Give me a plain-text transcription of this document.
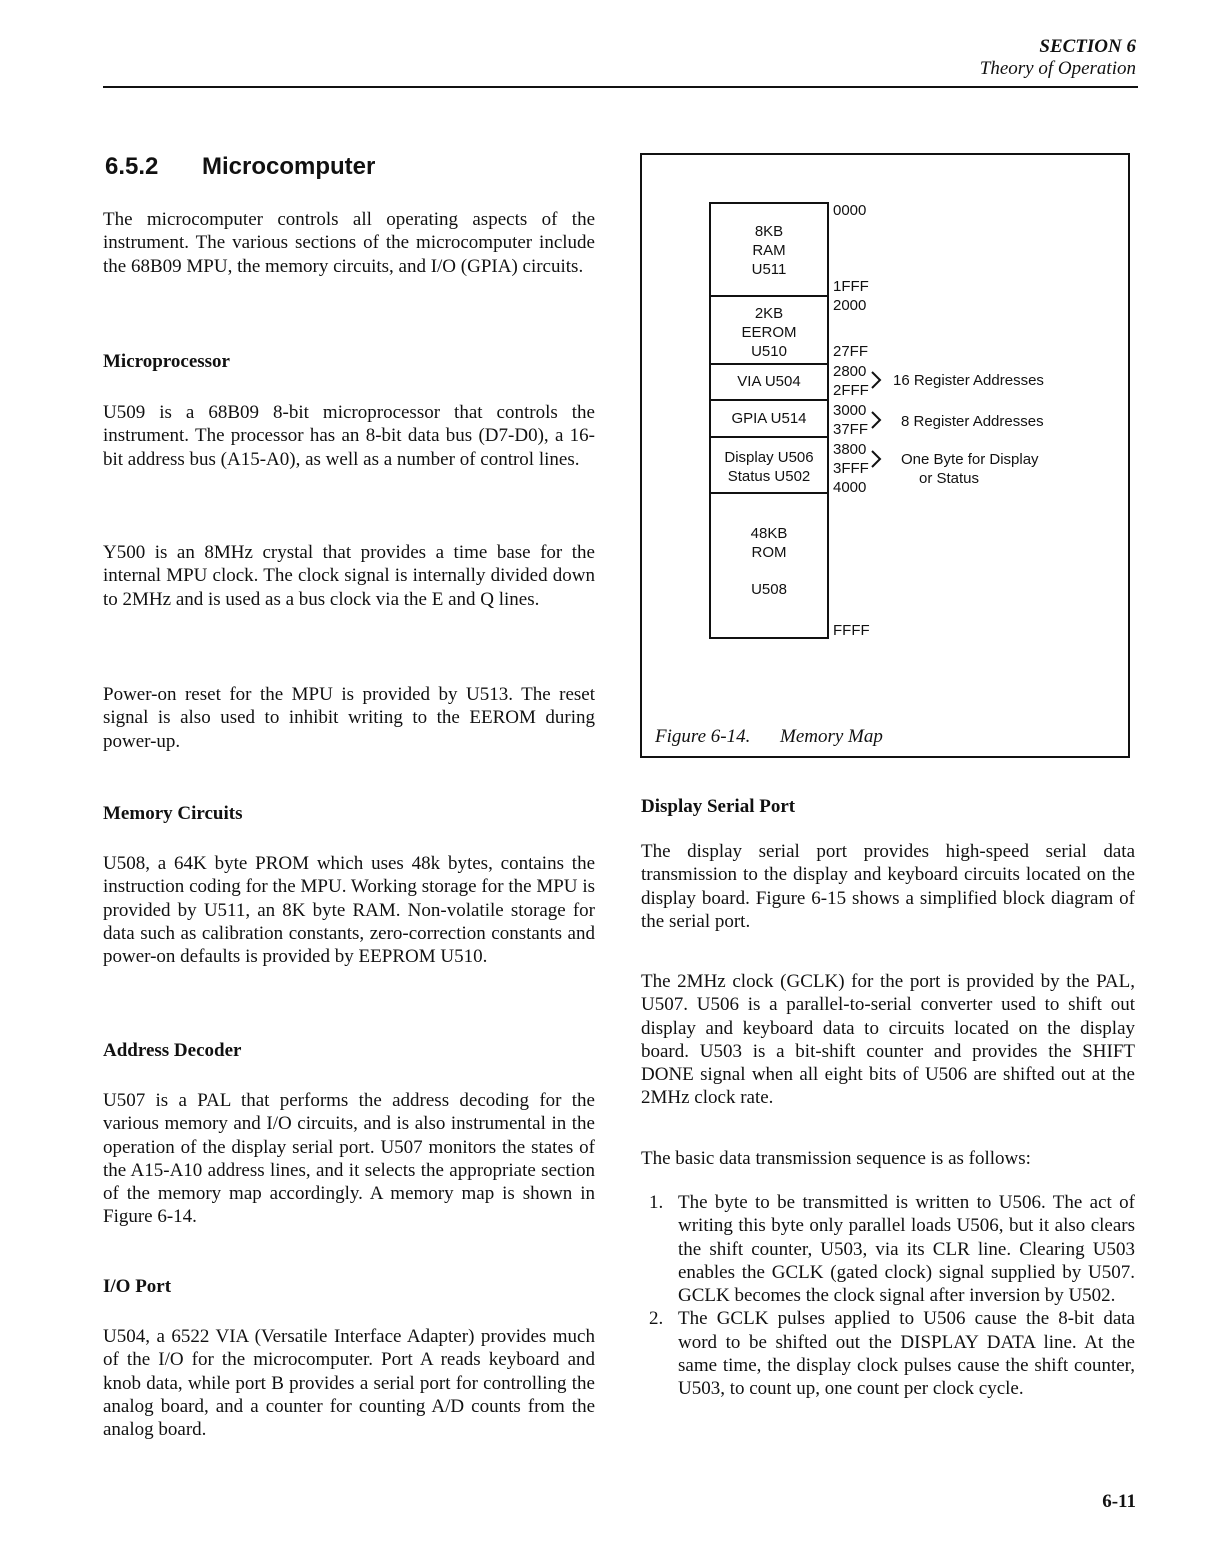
SECTION 6
Theory of Operation
6.5.2 Microcomputer
The microcomputer controls all operating aspects of the instrument. The various sections of the microcomputer include the 68B09 MPU, the memory circuits, and I/O (GPIA) circuits.
Microprocessor
U509 is a 68B09 8-bit microprocessor that controls the instrument. The processor has an 8-bit data bus (D7-D0), a 16-bit address bus (A15-A0), as well as a number of control lines.
Y500 is an 8MHz crystal that provides a time base for the internal MPU clock. The clock signal is internally divided down to 2MHz and is used as a bus clock via the E and Q lines.
Power-on reset for the MPU is provided by U513. The reset signal is also used to inhibit writing to the EEROM during power-up.
Memory Circuits
U508, a 64K byte PROM which uses 48k bytes, contains the instruction coding for the MPU. Working storage for the MPU is provided by U511, an 8K byte RAM. Non-volatile storage for data such as calibration constants, zero-correction constants and power-on defaults is provided by EEPROM U510.
Address Decoder
U507 is a PAL that performs the address decoding for the various memory and I/O circuits, and is also instrumental in the operation of the display serial port. U507 monitors the states of the A15-A10 address lines, and it selects the appropriate section of the memory map accordingly. A memory map is shown in Figure 6-14.
I/O Port
U504, a 6522 VIA (Versatile Interface Adapter) provides much of the I/O for the microcomputer. Port A reads keyboard and knob data, while port B provides a serial port for controlling the analog board, and a counter for counting A/D counts from the analog board.
8KB
RAM
U511
2KB
EEROM
U510
VIA U504
GPIA U514
Display U506
Status U502
48KB
ROM
U508
0000
1FFF
2000
27FF
2800
2FFF
3000
37FF
3800
3FFF
4000
FFFF
16 Register Addresses
8 Register Addresses
One Byte for Display
or Status
Figure 6-14. Memory Map
Display Serial Port
The display serial port provides high-speed serial data transmission to the display and keyboard circuits located on the display board. Figure 6-15 shows a simplified block diagram of the serial port.
The 2MHz clock (GCLK) for the port is provided by the PAL, U507. U506 is a parallel-to-serial converter used to shift out display and keyboard data to circuits located on the display board. U503 is a bit-shift counter and provides the SHIFT DONE signal when all eight bits of U506 are shifted out at the 2MHz clock rate.
The basic data transmission sequence is as follows:
1. The byte to be transmitted is written to U506. The act of writing this byte only parallel loads U506, but it also clears the shift counter, U503, via its CLR line. Clearing U503 enables the GCLK (gated clock) signal supplied by U507. GCLK becomes the clock signal after inversion by U502.
2. The GCLK pulses applied to U506 cause the 8-bit data word to be shifted out the DISPLAY DATA line. At the same time, the display clock pulses cause the shift counter, U503, to count up, one count per clock cycle.
6-11
